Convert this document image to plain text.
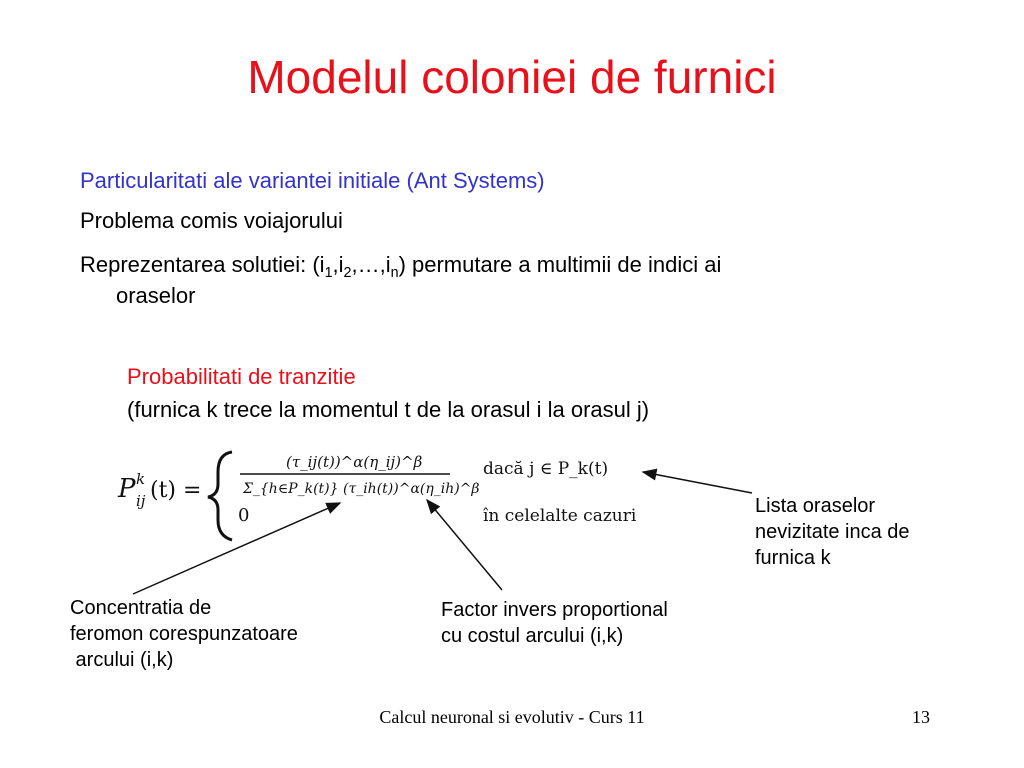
Modelul coloniei de furnici
Particularitati ale variantei initiale (Ant Systems)
Problema comis voiajorului
Reprezentarea solutiei: $(i_1,i_2,\dots,i_n)$ permutare a multimii de indici ai
oraselor
Probabilitati de tranzitie
(furnica k trece la momentul t de la orasul i la orasul j)
P k
ij (t) =
(τ_ij(t))^α(η_ij)^β
Σ_{h∈P_k(t)} (τ_ih(t))^α(η_ih)^β
0
dacă j ∈ P_k(t)
în celelalte cazuri	Lista oraselor
nevizitate inca de
furnica k
Concentratia de
feromon corespunzatoare
arcului (i,k)
Factor invers proportional
cu costul arcului (i,k)
Calcul neuronal si evolutiv - Curs 11	13
